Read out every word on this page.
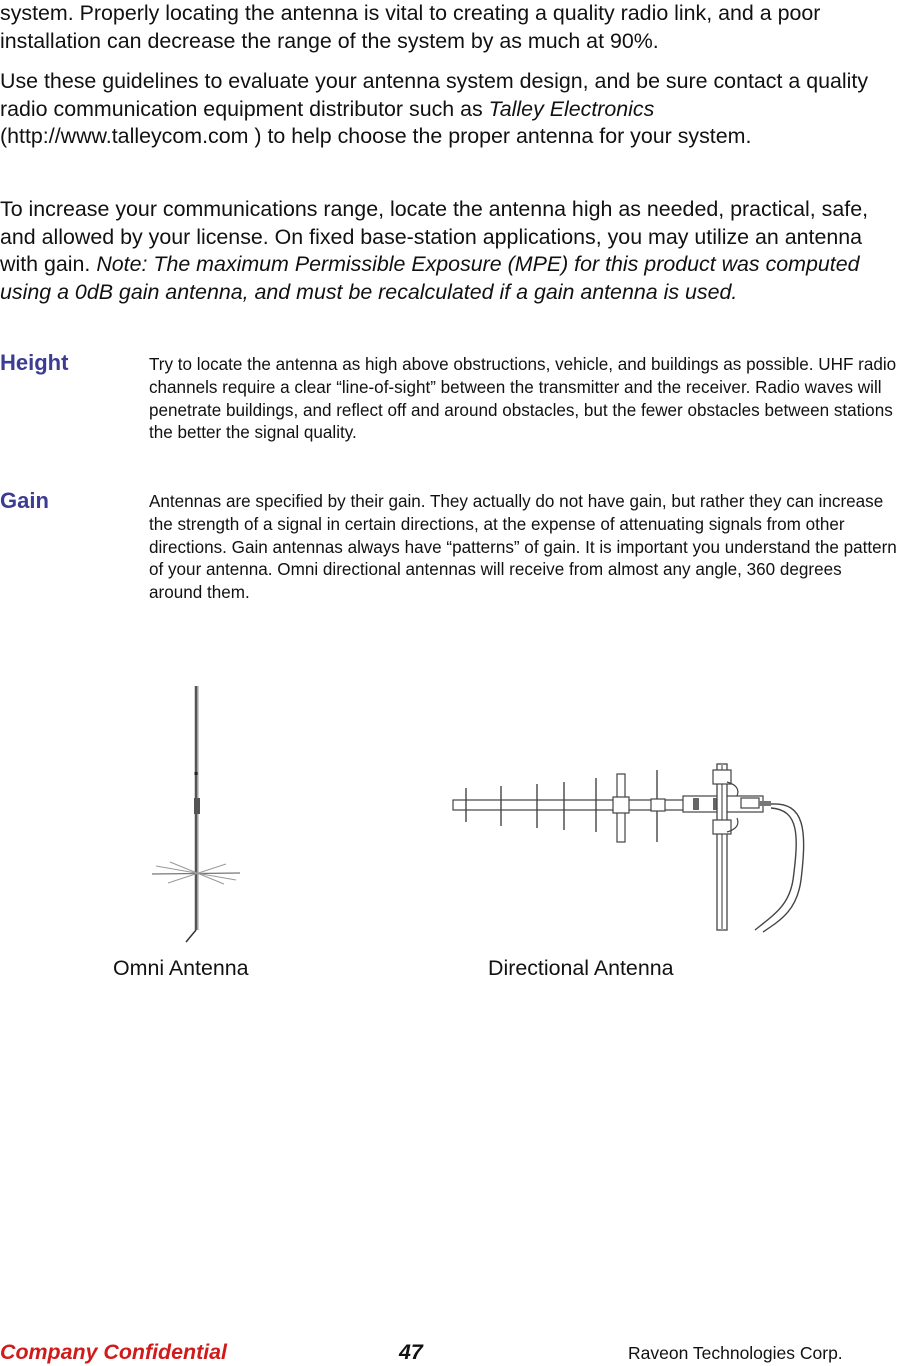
system. Properly locating the antenna is vital to creating a quality radio link, and a poor installation can decrease the range of the system by as much at 90%.

Use these guidelines to evaluate your antenna system design, and be sure contact a quality radio communication equipment distributor such as Talley Electronics (http://www.talleycom.com ) to help choose the proper antenna for your system.

To increase your communications range, locate the antenna high as needed, practical, safe, and allowed by your license. On fixed base-station applications, you may utilize an antenna with gain. Note: The maximum Permissible Exposure (MPE) for this product was computed using a 0dB gain antenna, and must be recalculated if a gain antenna is used.

Height	Try to locate the antenna as high above obstructions, vehicle, and buildings as possible. UHF radio channels require a clear “line-of-sight” between the transmitter and the receiver. Radio waves will penetrate buildings, and reflect off and around obstacles, but the fewer obstacles between stations the better the signal quality.

Gain	Antennas are specified by their gain. They actually do not have gain, but rather they can increase the strength of a signal in certain directions, at the expense of attenuating signals from other directions. Gain antennas always have “patterns” of gain. It is important you understand the pattern of your antenna. Omni directional antennas will receive from almost any angle, 360 degrees around them.

Omni Antenna	Directional Antenna
Company Confidential	47	Raveon Technologies Corp.
